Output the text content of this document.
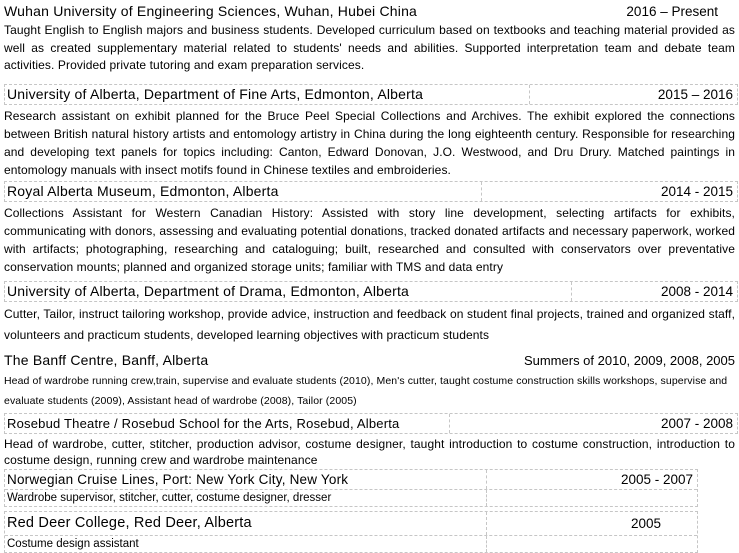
Wuhan University of Engineering Sciences, Wuhan, Hubei China	2016 – Present
Taught English to English majors and business students. Developed curriculum based on textbooks and teaching material provided as well as created supplementary material related to students' needs and abilities. Supported interpretation team and debate team activities. Provided private tutoring and exam preparation services.
University of Alberta, Department of Fine Arts, Edmonton, Alberta	2015 – 2016
Research assistant on exhibit planned for the Bruce Peel Special Collections and Archives. The exhibit explored the connections between British natural history artists and entomology artistry in China during the long eighteenth century. Responsible for researching and developing text panels for topics including: Canton, Edward Donovan, J.O. Westwood, and Dru Drury. Matched paintings in entomology manuals with insect motifs found in Chinese textiles and embroideries.
Royal Alberta Museum, Edmonton, Alberta	2014 - 2015
Collections Assistant for Western Canadian History: Assisted with story line development, selecting artifacts for exhibits, communicating with donors, assessing and evaluating potential donations, tracked donated artifacts and necessary paperwork, worked with artifacts; photographing, researching and cataloguing; built, researched and consulted with conservators over preventative conservation mounts; planned and organized storage units; familiar with TMS and data entry
University of Alberta, Department of Drama, Edmonton, Alberta	2008 - 2014
Cutter, Tailor, instruct tailoring workshop, provide advice, instruction and feedback on student final projects, trained and organized staff, volunteers and practicum students, developed learning objectives with practicum students
The Banff Centre, Banff, Alberta	Summers of 2010, 2009, 2008, 2005
Head of wardrobe running crew,train, supervise and evaluate students (2010), Men's cutter, taught costume construction skills workshops, supervise and evaluate students (2009), Assistant head of wardrobe (2008), Tailor (2005)
Rosebud Theatre / Rosebud School for the Arts, Rosebud, Alberta	2007 - 2008
Head of wardrobe, cutter, stitcher, production advisor, costume designer, taught introduction to costume construction, introduction to costume design, running crew and wardrobe maintenance
Norwegian Cruise Lines, Port: New York City, New York	2005 - 2007
Wardrobe supervisor, stitcher, cutter, costume designer, dresser
Red Deer College, Red Deer, Alberta	2005
Costume design assistant
